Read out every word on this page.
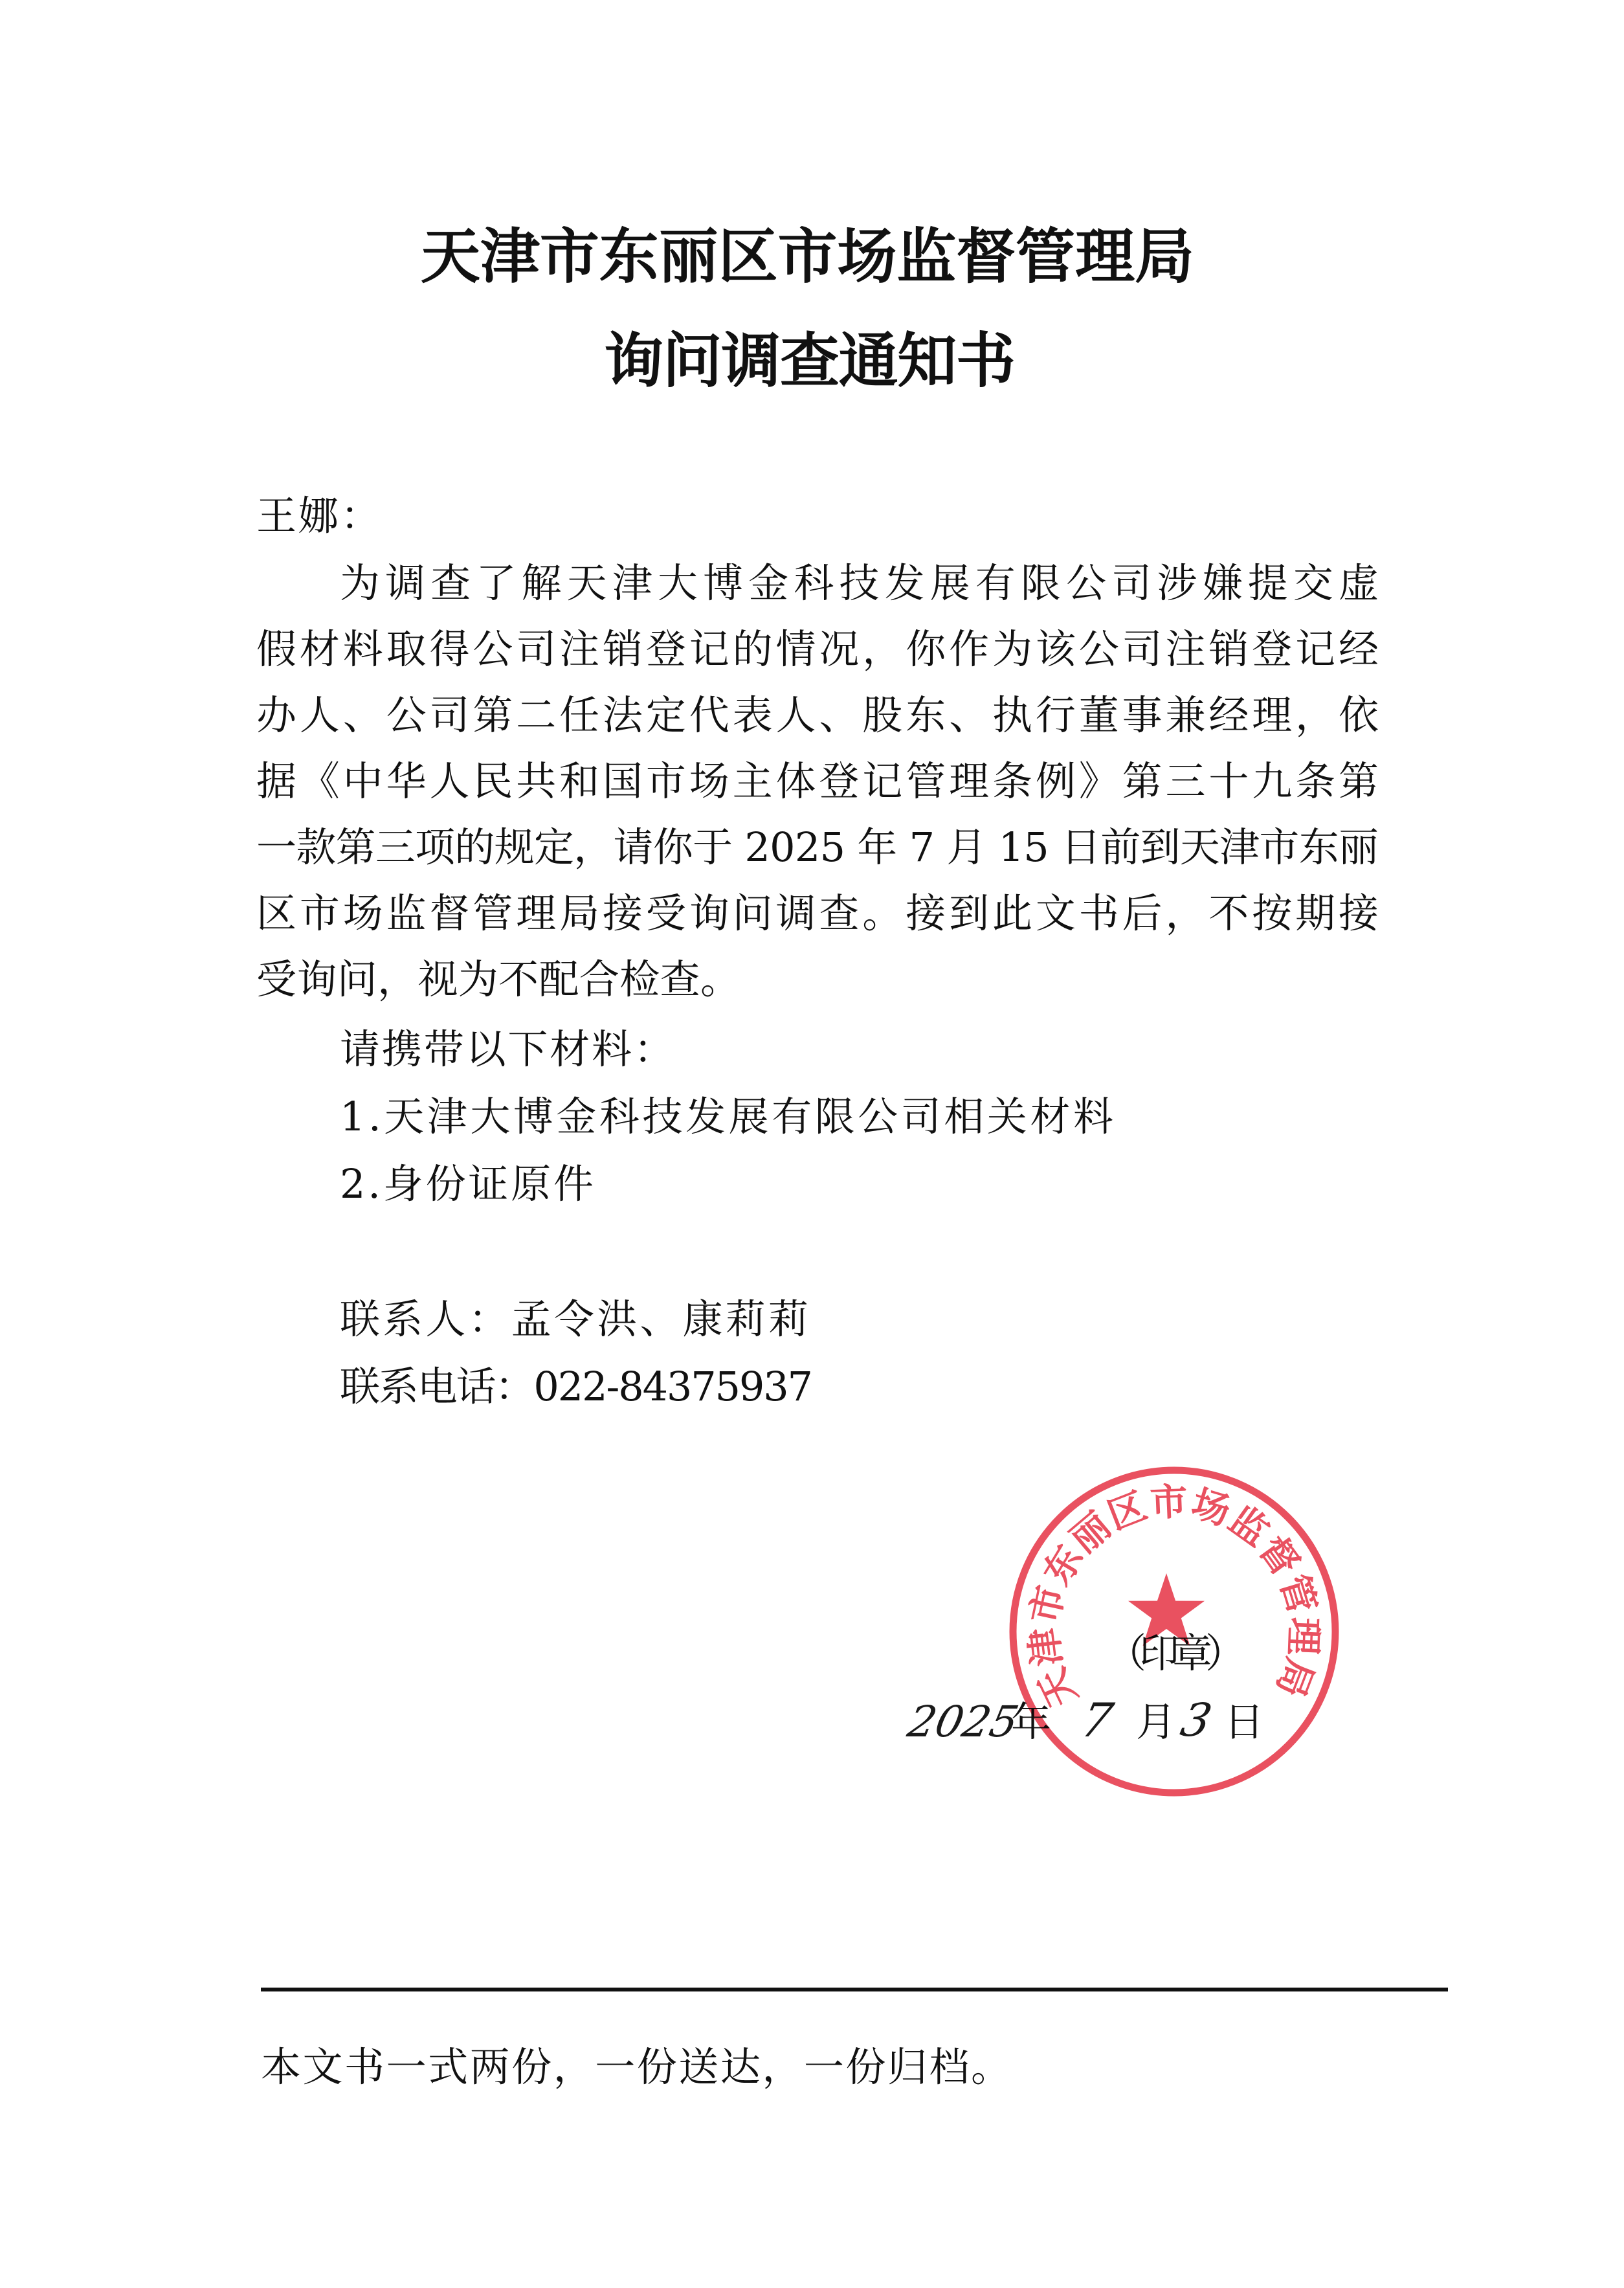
天津市东丽区市场监督管理局
询问调查通知书
王娜：
为调查了解天津大博金科技发展有限公司涉嫌提交虚
假材料取得公司注销登记的情况，你作为该公司注销登记经
办人、公司第二任法定代表人、股东、执行董事兼经理，依
据《中华人民共和国市场主体登记管理条例》第三十九条第
一款第三项的规定，请你于 2025 年 7 月 15 日前到天津市东丽
区市场监督管理局接受询问调查。接到此文书后，不按期接
受询问，视为不配合检查。
请携带以下材料：
1.天津大博金科技发展有限公司相关材料
2.身份证原件
联系人：孟令洪、康莉莉
联系电话：022-84375937
（印章）
2025
年 7 月 3 日
天津市东丽区市场监督管理局
本文书一式两份，一份送达，一份归档。
